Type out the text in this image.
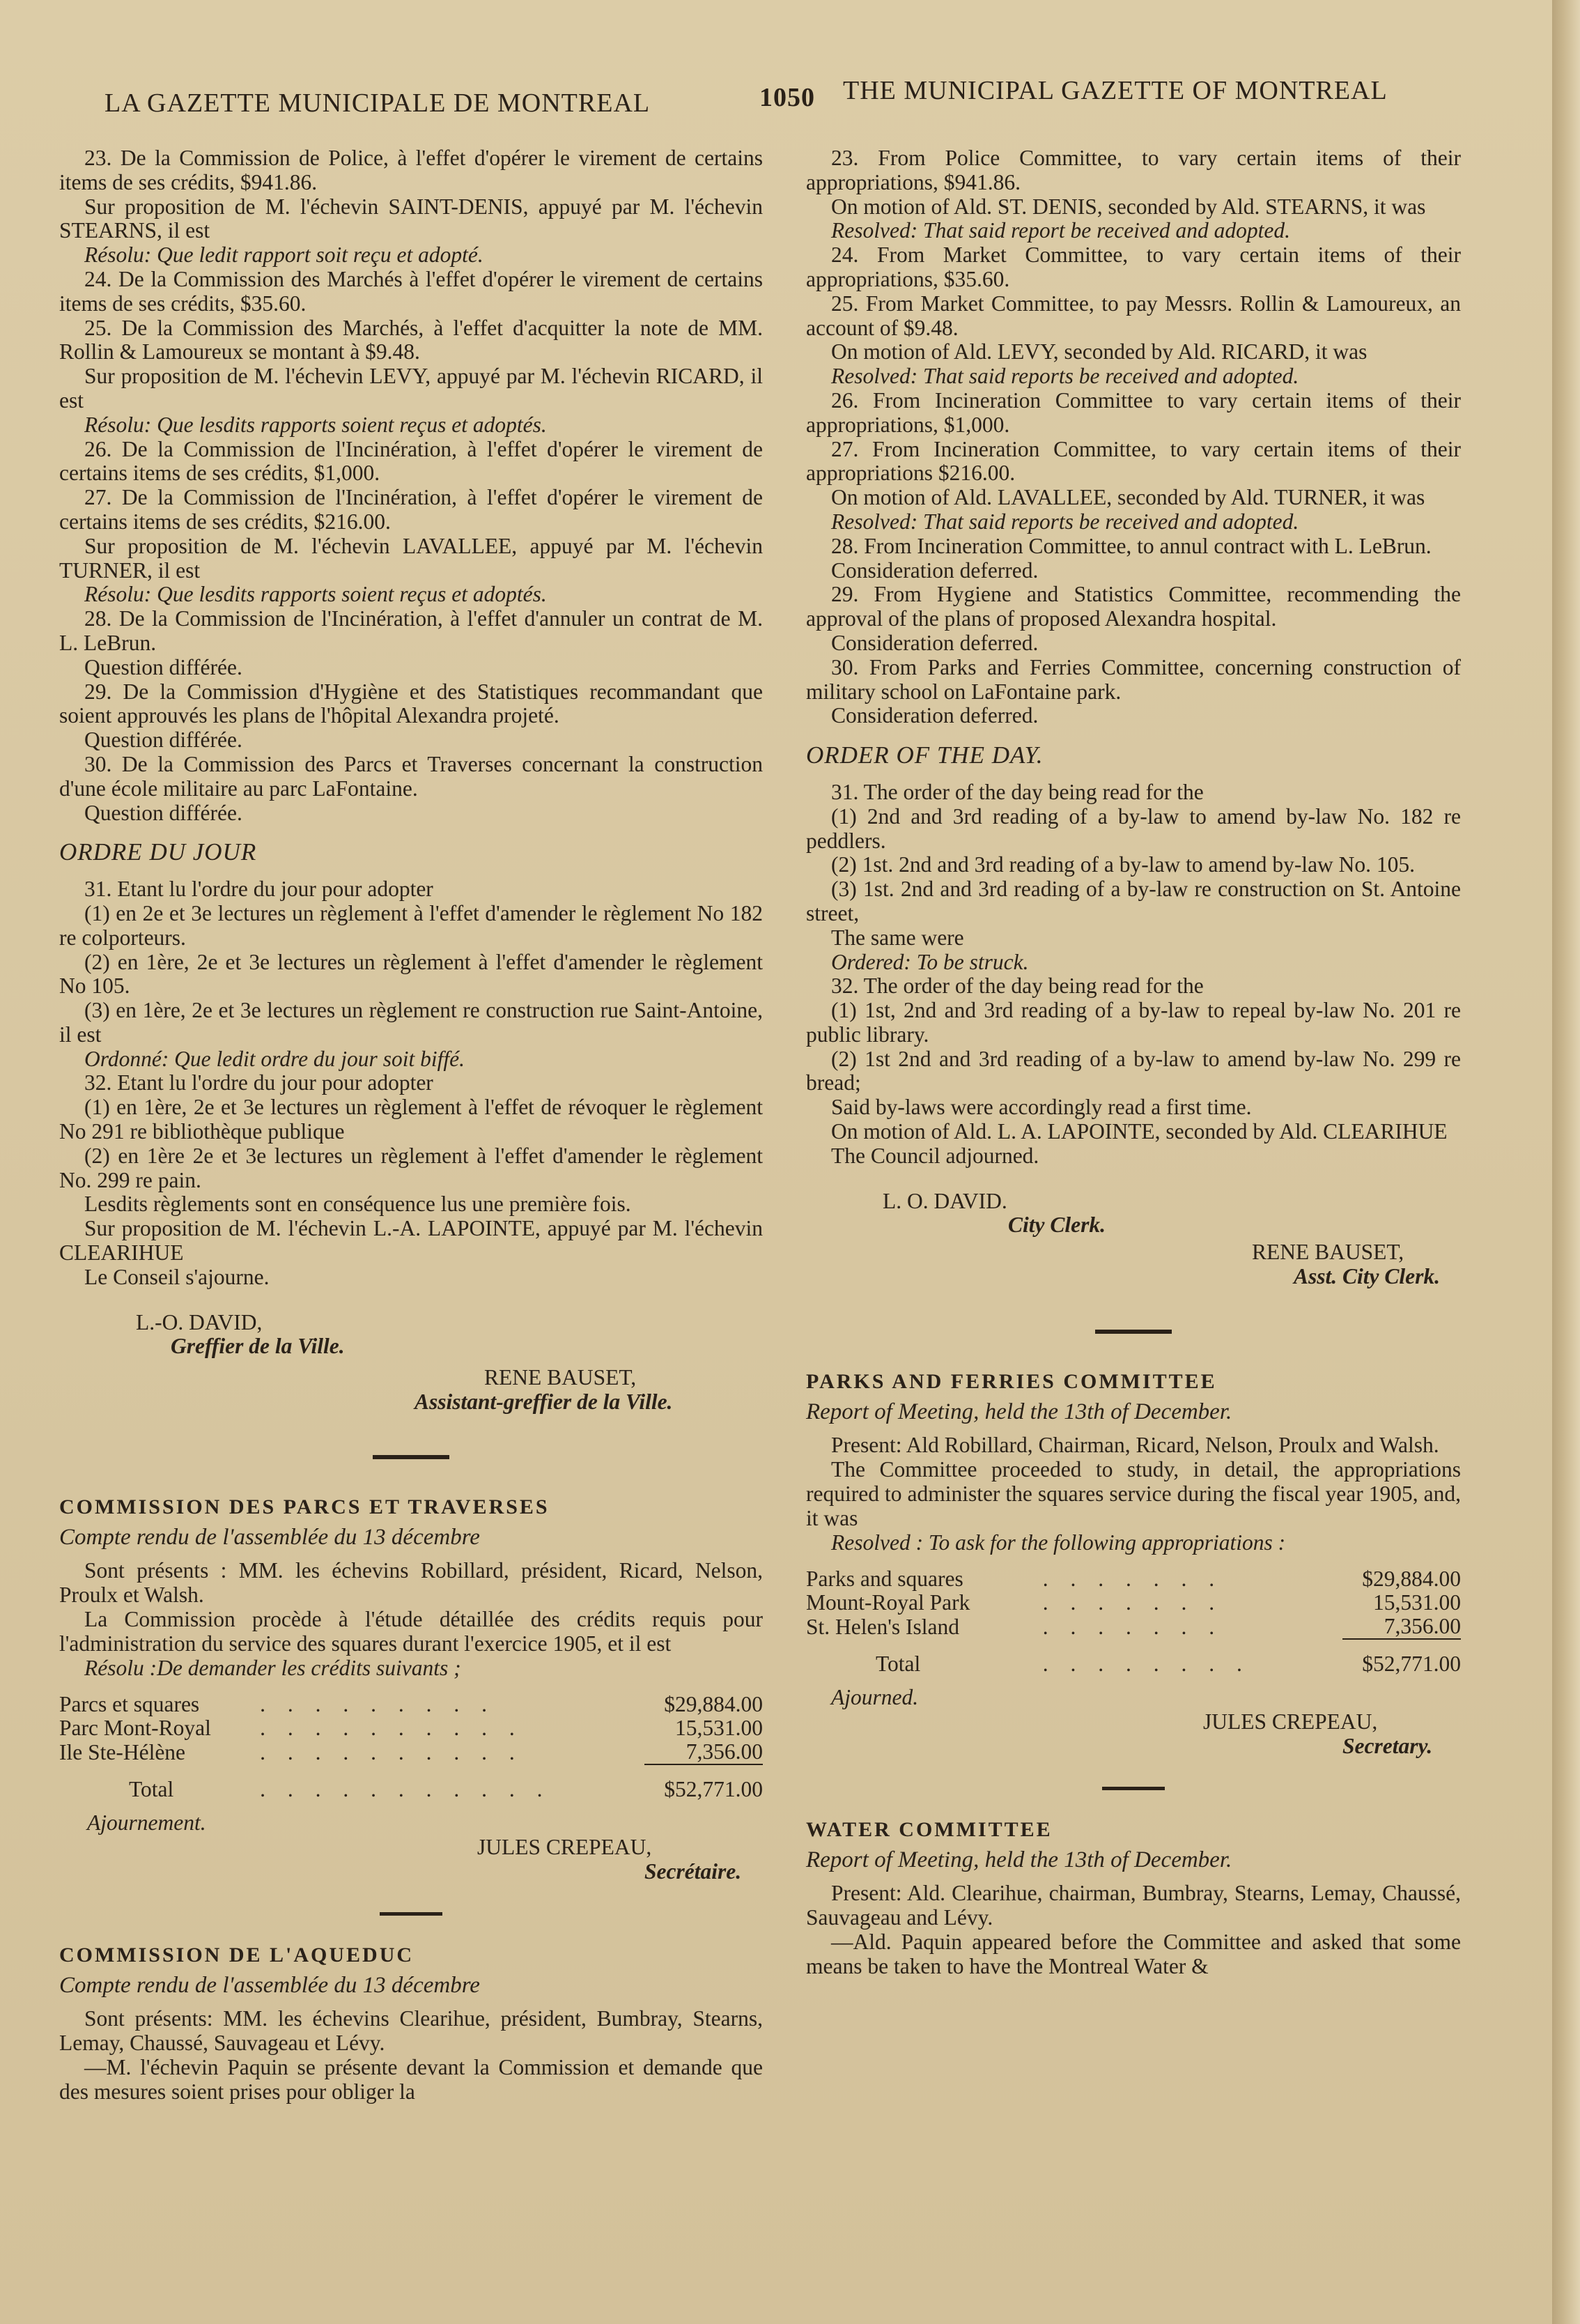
LA GAZETTE MUNICIPALE DE MONTREAL	1050 THE MUNICIPAL GAZETTE OF MONTREAL

23. De la Commission de Police, à l'effet d'opérer le virement de certains items de ses crédits, $941.86.

Sur proposition de M. l'échevin SAINT-DENIS, appuyé par M. l'échevin STEARNS, il est

Résolu: Que ledit rapport soit reçu et adopté.

24. De la Commission des Marchés à l'effet d'opérer le virement de certains items de ses crédits, $35.60.

25. De la Commission des Marchés, à l'effet d'acquitter la note de MM. Rollin & Lamoureux se montant à $9.48.

Sur proposition de M. l'échevin LEVY, appuyé par M. l'échevin RICARD, il est

Résolu: Que lesdits rapports soient reçus et adoptés.

26. De la Commission de l'Incinération, à l'effet d'opérer le virement de certains items de ses crédits, $1,000.

27. De la Commission de l'Incinération, à l'effet d'opérer le virement de certains items de ses crédits, $216.00.

Sur proposition de M. l'échevin LAVALLEE, appuyé par M. l'échevin TURNER, il est

Résolu: Que lesdits rapports soient reçus et adoptés.

28. De la Commission de l'Incinération, à l'effet d'annuler un contrat de M. L. LeBrun.

Question différée.

29. De la Commission d'Hygiène et des Statistiques recommandant que soient approuvés les plans de l'hôpital Alexandra projeté.

Question différée.

30. De la Commission des Parcs et Traverses concernant la construction d'une école militaire au parc LaFontaine.

Question différée.

ORDRE DU JOUR

31. Etant lu l'ordre du jour pour adopter

(1) en 2e et 3e lectures un règlement à l'effet d'amender le règlement No 182 re colporteurs.

(2) en 1ère, 2e et 3e lectures un règlement à l'effet d'amender le règlement No 105.

(3) en 1ère, 2e et 3e lectures un règlement re construction rue Saint-Antoine, il est

Ordonné: Que ledit ordre du jour soit biffé.

32. Etant lu l'ordre du jour pour adopter

(1) en 1ère, 2e et 3e lectures un règlement à l'effet de révoquer le règlement No 291 re bibliothèque publique

(2) en 1ère 2e et 3e lectures un règlement à l'effet d'amender le règlement No. 299 re pain.

Lesdits règlements sont en conséquence lus une première fois.

Sur proposition de M. l'échevin L.-A. LAPOINTE, appuyé par M. l'échevin CLEARIHUE

Le Conseil s'ajourne.

L.-O. DAVID,

Greffier de la Ville.

RENE BAUSET,

Assistant-greffier de la Ville.

COMMISSION DES PARCS ET TRAVERSES

Compte rendu de l'assemblée du 13 décembre

Sont présents : MM. les échevins Robillard, président, Ricard, Nelson, Proulx et Walsh.

La Commission procède à l'étude détaillée des crédits requis pour l'administration du service des squares durant l'exercice 1905, et il est

Résolu :De demander les crédits suivants ;

Parcs et squares	. . . . . . . . .	$29,884.00
Parc Mont-Royal	. . . . . . . . . .	15,531.00
Ile Ste-Hélène	. . . . . . . . . .	7,356.00
Total	. . . . . . . . . . .	$52,771.00

Ajournement.

JULES CREPEAU,

Secrétaire.

COMMISSION DE L'AQUEDUC

Compte rendu de l'assemblée du 13 décembre

Sont présents: MM. les échevins Clearihue, président, Bumbray, Stearns, Lemay, Chaussé, Sauvageau et Lévy.

—M. l'échevin Paquin se présente devant la Commission et demande que des mesures soient prises pour obliger la

23. From Police Committee, to vary certain items of their appropriations, $941.86.

On motion of Ald. ST. DENIS, seconded by Ald. STEARNS, it was

Resolved: That said report be received and adopted.

24. From Market Committee, to vary certain items of their appropriations, $35.60.

25. From Market Committee, to pay Messrs. Rollin & Lamoureux, an account of $9.48.

On motion of Ald. LEVY, seconded by Ald. RICARD, it was

Resolved: That said reports be received and adopted.

26. From Incineration Committee to vary certain items of their appropriations, $1,000.

27. From Incineration Committee, to vary certain items of their appropriations $216.00.

On motion of Ald. LAVALLEE, seconded by Ald. TURNER, it was

Resolved: That said reports be received and adopted.

28. From Incineration Committee, to annul contract with L. LeBrun.

Consideration deferred.

29. From Hygiene and Statistics Committee, recommending the approval of the plans of proposed Alexandra hospital.

Consideration deferred.

30. From Parks and Ferries Committee, concerning construction of military school on LaFontaine park.

Consideration deferred.

ORDER OF THE DAY.

31. The order of the day being read for the

(1) 2nd and 3rd reading of a by-law to amend by-law No. 182 re peddlers.

(2) 1st. 2nd and 3rd reading of a by-law to amend by-law No. 105.

(3) 1st. 2nd and 3rd reading of a by-law re construction on St. Antoine street,

The same were

Ordered: To be struck.

32. The order of the day being read for the

(1) 1st, 2nd and 3rd reading of a by-law to repeal by-law No. 201 re public library.

(2) 1st 2nd and 3rd reading of a by-law to amend by-law No. 299 re bread;

Said by-laws were accordingly read a first time.

On motion of Ald. L. A. LAPOINTE, seconded by Ald. CLEARIHUE

The Council adjourned.

L. O. DAVID.

City Clerk.

RENE BAUSET,

Asst. City Clerk.

PARKS AND FERRIES COMMITTEE

Report of Meeting, held the 13th of December.

Present: Ald Robillard, Chairman, Ricard, Nelson, Proulx and Walsh.

The Committee proceeded to study, in detail, the appropriations required to administer the squares service during the fiscal year 1905, and, it was

Resolved : To ask for the following appropriations :

Parks and squares	. . . . . . .	$29,884.00
Mount-Royal Park	. . . . . . .	15,531.00
St. Helen's Island	. . . . . . .	7,356.00
Total	. . . . . . . .	$52,771.00

Ajourned.

JULES CREPEAU,

Secretary.

WATER COMMITTEE

Report of Meeting, held the 13th of December.

Present: Ald. Clearihue, chairman, Bumbray, Stearns, Lemay, Chaussé, Sauvageau and Lévy.

—Ald. Paquin appeared before the Committee and asked that some means be taken to have the Montreal Water &
